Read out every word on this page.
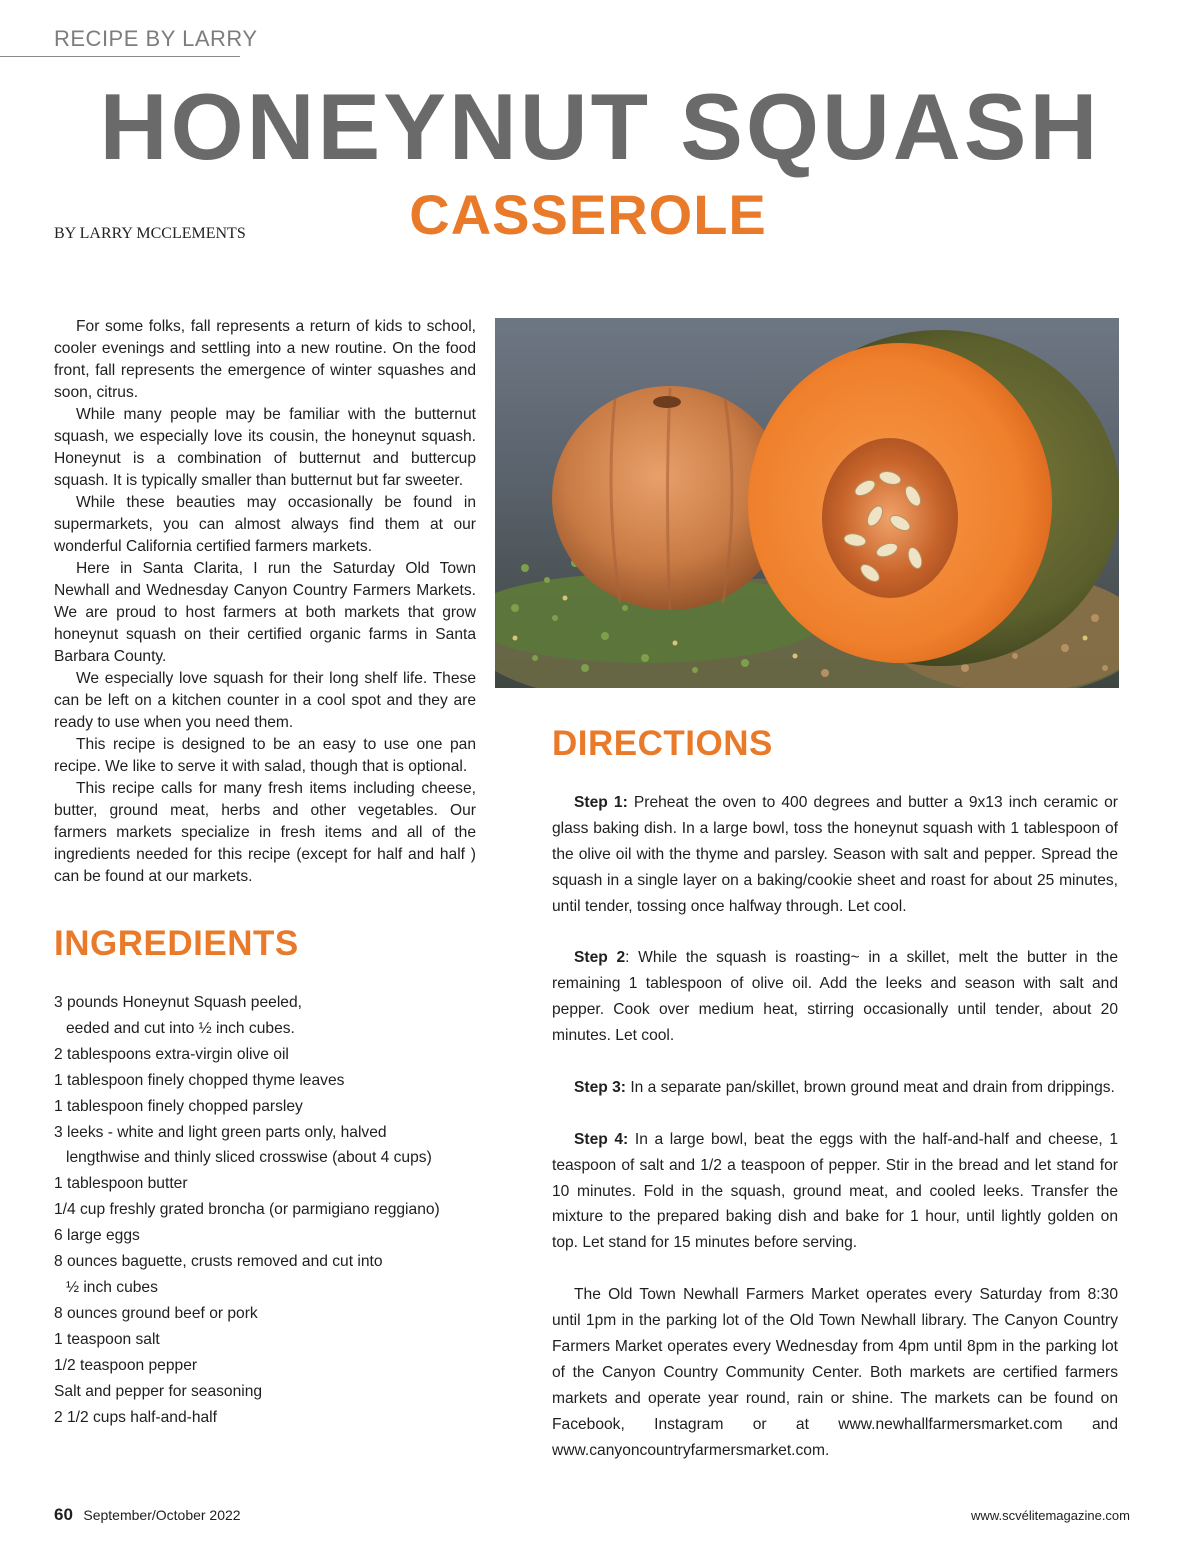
RECIPE BY LARRY
HONEYNUT SQUASH
CASSEROLE
BY LARRY MCCLEMENTS

For some folks, fall represents a return of kids to school, cooler evenings and settling into a new routine. On the food front, fall represents the emergence of winter squashes and soon, citrus.

While many people may be familiar with the butternut squash, we especially love its cousin, the honeynut squash. Honeynut is a combination of butternut and buttercup squash. It is typically smaller than butternut but far sweeter.

While these beauties may occasionally be found in supermarkets, you can almost always find them at our wonderful California certified farmers markets.

Here in Santa Clarita, I run the Saturday Old Town Newhall and Wednesday Canyon Country Farmers Markets. We are proud to host farmers at both markets that grow honeynut squash on their certified organic farms in Santa Barbara County.

We especially love squash for their long shelf life. These can be left on a kitchen counter in a cool spot and they are ready to use when you need them.

This recipe is designed to be an easy to use one pan recipe. We like to serve it with salad, though that is optional.

This recipe calls for many fresh items including cheese, butter, ground meat, herbs and other vegetables. Our farmers markets specialize in fresh items and all of the ingredients needed for this recipe (except for half and half ) can be found at our markets.

INGREDIENTS
3 pounds Honeynut Squash peeled,
eeded and cut into ½ inch cubes.
2 tablespoons extra-virgin olive oil
1 tablespoon finely chopped thyme leaves
1 tablespoon finely chopped parsley
3 leeks - white and light green parts only, halved
lengthwise and thinly sliced crosswise (about 4 cups)
1 tablespoon butter
1/4 cup freshly grated broncha (or parmigiano reggiano)
6 large eggs
8 ounces baguette, crusts removed and cut into
½ inch cubes
8 ounces ground beef or pork
1 teaspoon salt
1/2 teaspoon pepper
Salt and pepper for seasoning
2 1/2 cups half-and-half
DIRECTIONS

Step 1: Preheat the oven to 400 degrees and butter a 9x13 inch ceramic or glass baking dish. In a large bowl, toss the honeynut squash with 1 tablespoon of the olive oil with the thyme and parsley. Season with salt and pepper. Spread the squash in a single layer on a baking/cookie sheet and roast for about 25 minutes, until tender, tossing once halfway through. Let cool.

Step 2: While the squash is roasting~ in a skillet, melt the butter in the remaining 1 tablespoon of olive oil. Add the leeks and season with salt and pepper. Cook over medium heat, stirring occasionally until tender, about 20 minutes. Let cool.

Step 3: In a separate pan/skillet, brown ground meat and drain from drippings.

Step 4: In a large bowl, beat the eggs with the half-and-half and cheese, 1 teaspoon of salt and 1/2 a teaspoon of pepper. Stir in the bread and let stand for 10 minutes. Fold in the squash, ground meat, and cooled leeks. Transfer the mixture to the prepared baking dish and bake for 1 hour, until lightly golden on top. Let stand for 15 minutes before serving.

The Old Town Newhall Farmers Market operates every Saturday from 8:30 until 1pm in the parking lot of the Old Town Newhall library. The Canyon Country Farmers Market operates every Wednesday from 4pm until 8pm in the parking lot of the Canyon Country Community Center. Both markets are certified farmers markets and operate year round, rain or shine. The markets can be found on Facebook, Instagram or at www.newhallfarmersmarket.com and www.canyoncountryfarmersmarket.com.

60 September/October 2022	www.scvélitemagazine.com
